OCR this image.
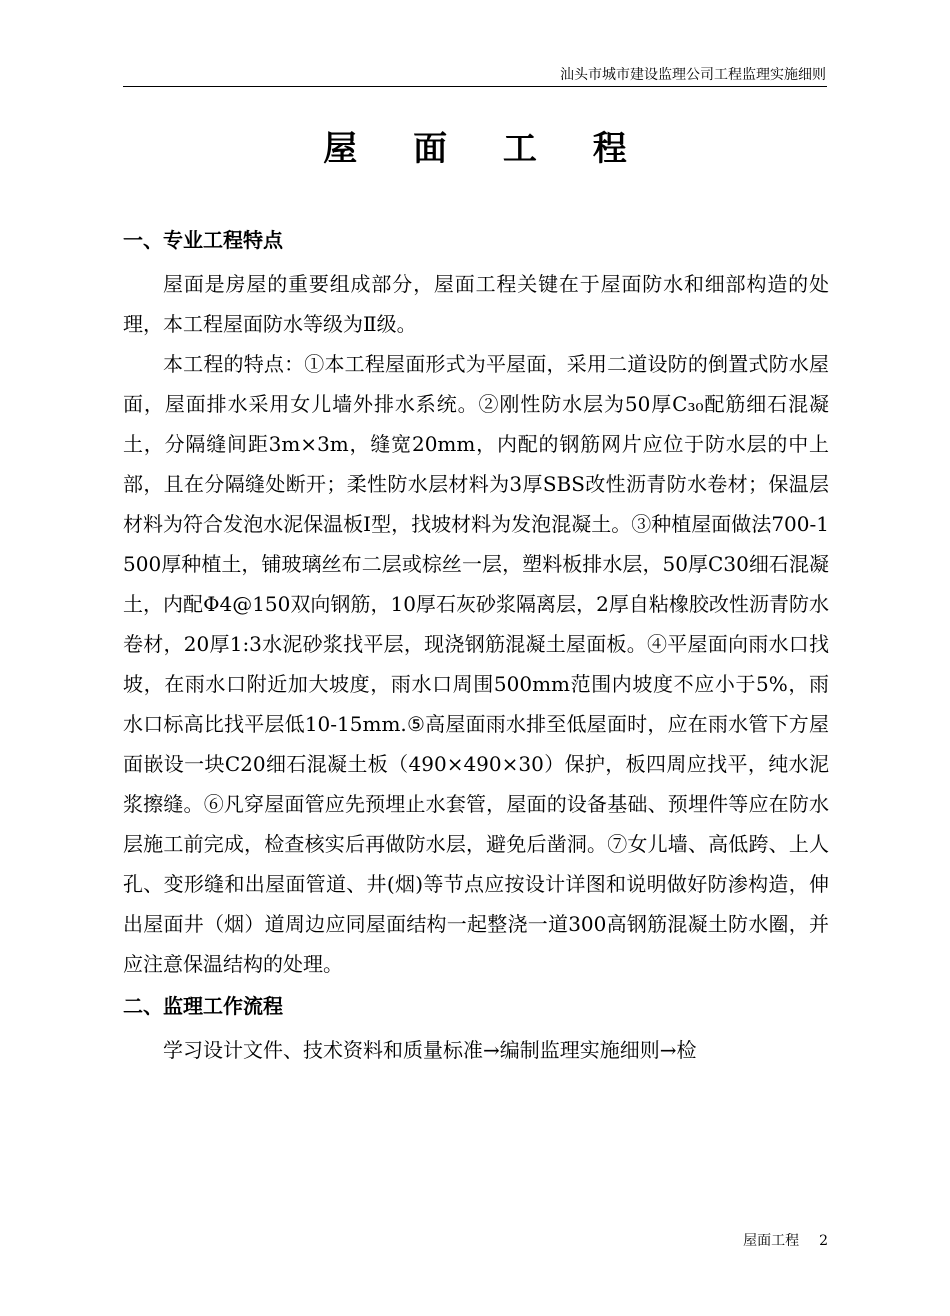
汕头市城市建设监理公司工程监理实施细则
屋 面 工 程
一、专业工程特点

屋面是房屋的重要组成部分，屋面工程关键在于屋面防水和细部构造的处理，本工程屋面防水等级为Ⅱ级。

本工程的特点：①本工程屋面形式为平屋面，采用二道设防的倒置式防水屋面，屋面排水采用女儿墙外排水系统。②刚性防水层为50厚C₃₀配筋细石混凝土，分隔缝间距3m×3m，缝宽20mm，内配的钢筋网片应位于防水层的中上部，且在分隔缝处断开；柔性防水层材料为3厚SBS改性沥青防水卷材；保温层材料为符合发泡水泥保温板Ⅰ型，找坡材料为发泡混凝土。③种植屋面做法700-1500厚种植土，铺玻璃丝布二层或棕丝一层，塑料板排水层，50厚C30细石混凝土，内配Φ4@150双向钢筋，10厚石灰砂浆隔离层，2厚自粘橡胶改性沥青防水卷材，20厚1:3水泥砂浆找平层，现浇钢筋混凝土屋面板。④平屋面向雨水口找坡，在雨水口附近加大坡度，雨水口周围500mm范围内坡度不应小于5%，雨水口标高比找平层低10-15mm.⑤高屋面雨水排至低屋面时，应在雨水管下方屋面嵌设一块C20细石混凝土板（490×490×30）保护，板四周应找平，纯水泥浆擦缝。⑥凡穿屋面管应先预埋止水套管，屋面的设备基础、预埋件等应在防水层施工前完成，检查核实后再做防水层，避免后凿洞。⑦女儿墙、高低跨、上人孔、变形缝和出屋面管道、井(烟)等节点应按设计详图和说明做好防渗构造，伸出屋面井（烟）道周边应同屋面结构一起整浇一道300高钢筋混凝土防水圈，并应注意保温结构的处理。

二、监理工作流程

学习设计文件、技术资料和质量标准→编制监理实施细则→检

屋面工程 2
